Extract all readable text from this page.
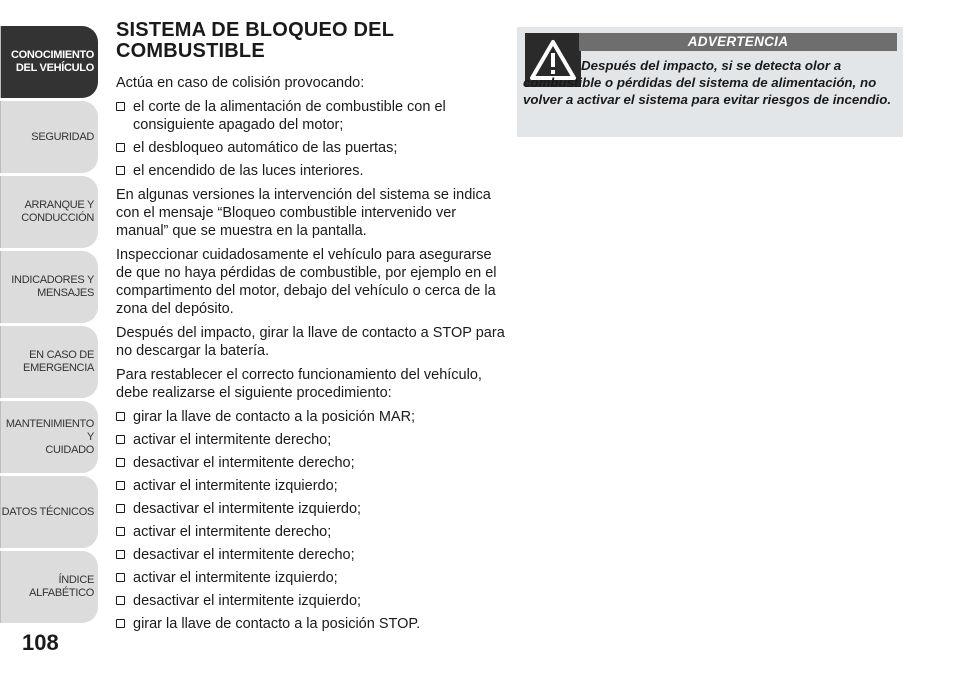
CONOCIMIENTO
DEL VEHÍCULO
SEGURIDAD
ARRANQUE Y
CONDUCCIÓN
INDICADORES Y
MENSAJES
EN CASO DE
EMERGENCIA
MANTENIMIENTO Y
CUIDADO
DATOS TÉCNICOS
ÍNDICE ALFABÉTICO
108
SISTEMA DE BLOQUEO DEL COMBUSTIBLE

Actúa en caso de colisión provocando:

el corte de la alimentación de combustible con el consiguiente apagado del motor;
el desbloqueo automático de las puertas;
el encendido de las luces interiores.

En algunas versiones la intervención del sistema se indica con el mensaje “Bloqueo combustible intervenido ver manual” que se muestra en la pantalla.

Inspeccionar cuidadosamente el vehículo para asegurarse de que no haya pérdidas de combustible, por ejemplo en el compartimento del motor, debajo del vehículo o cerca de la zona del depósito.

Después del impacto, girar la llave de contacto a STOP para no descargar la batería.

Para restablecer el correcto funcionamiento del vehículo, debe realizarse el siguiente procedimiento:

girar la llave de contacto a la posición MAR;
activar el intermitente derecho;
desactivar el intermitente derecho;
activar el intermitente izquierdo;
desactivar el intermitente izquierdo;
activar el intermitente derecho;
desactivar el intermitente derecho;
activar el intermitente izquierdo;
desactivar el intermitente izquierdo;
girar la llave de contacto a la posición STOP.
ADVERTENCIA

Después del impacto, si se detecta olor a combustible o pérdidas del sistema de alimentación, no volver a activar el sistema para evitar riesgos de incendio.
